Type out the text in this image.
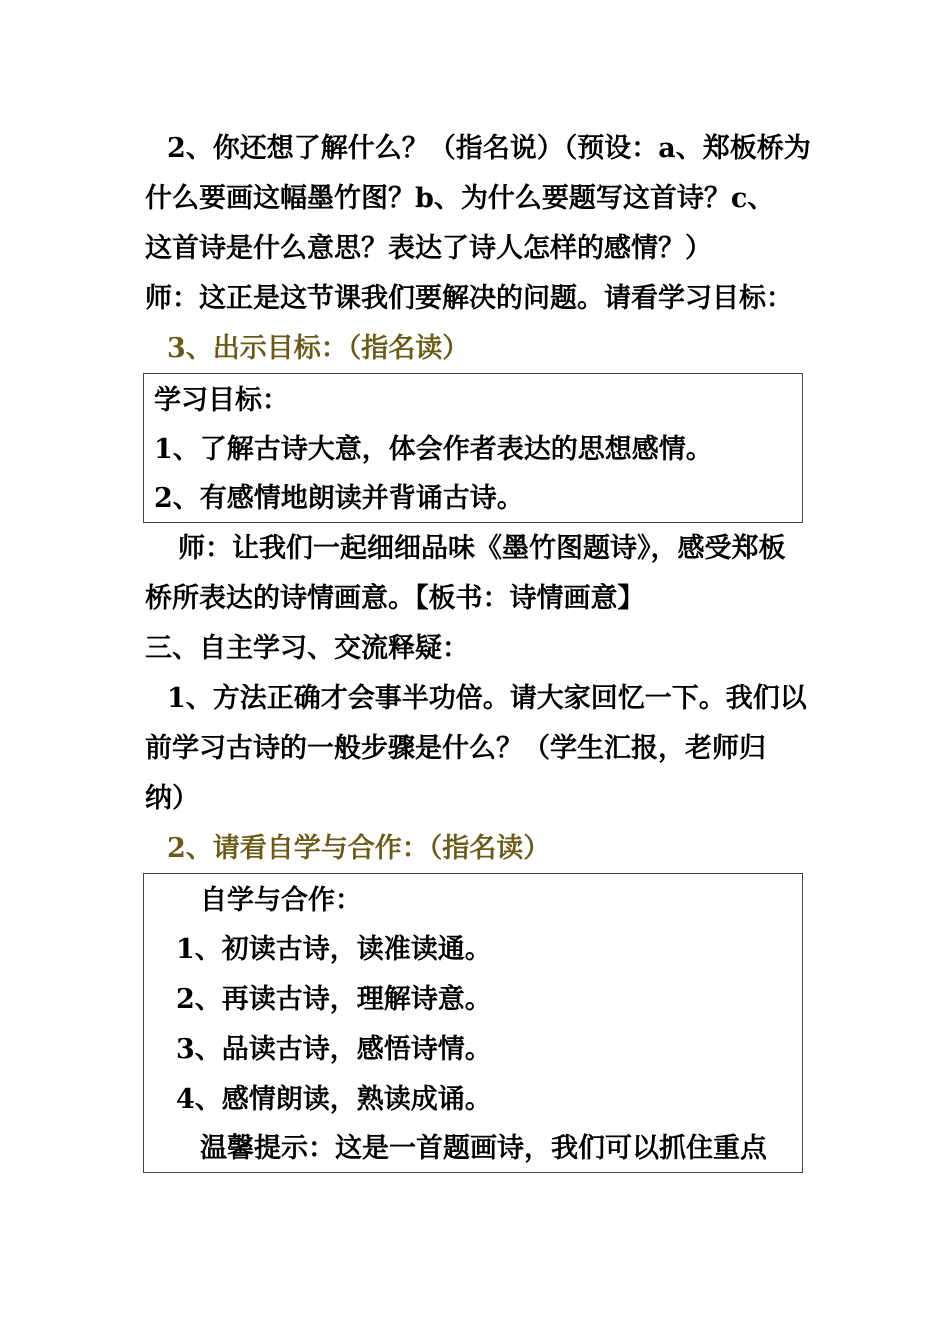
2、你还想了解什么？（指名说）（预设：a、郑板桥为
什么要画这幅墨竹图？b、为什么要题写这首诗？c、
这首诗是什么意思？表达了诗人怎样的感情？）
师：这正是这节课我们要解决的问题。请看学习目标：
3、出示目标：（指名读）
学习目标：
1、了解古诗大意，体会作者表达的思想感情。
2、有感情地朗读并背诵古诗。
师：让我们一起细细品味《墨竹图题诗》，感受郑板
桥所表达的诗情画意。【板书：诗情画意】
三、自主学习、交流释疑：
1、方法正确才会事半功倍。请大家回忆一下。我们以
前学习古诗的一般步骤是什么？（学生汇报，老师归
纳）
2、请看自学与合作：（指名读）
自学与合作：
1、初读古诗，读准读通。
2、再读古诗，理解诗意。
3、品读古诗，感悟诗情。
4、感情朗读，熟读成诵。
温馨提示：这是一首题画诗，我们可以抓住重点
